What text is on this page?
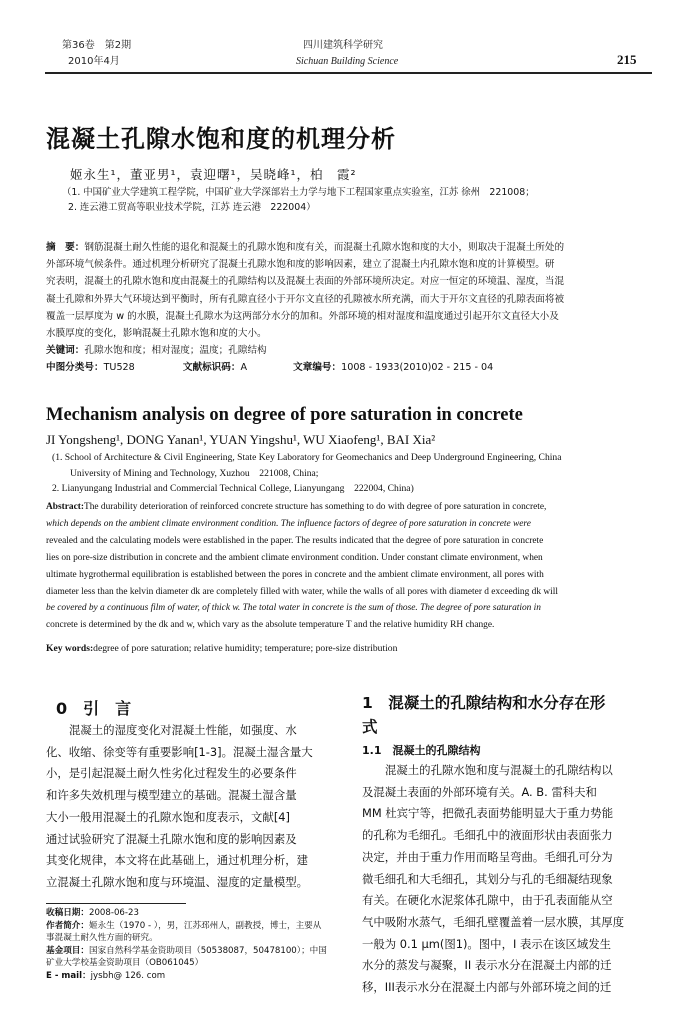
第36卷　第2期
2010年4月
四川建筑科学研究
Sichuan Building Science	215
混凝土孔隙水饱和度的机理分析
姬永生¹，董亚男¹，袁迎曙¹，吴晓峰¹，柏　霞²
（1. 中国矿业大学建筑工程学院，中国矿业大学深部岩土力学与地下工程国家重点实验室，江苏 徐州　221008；
2. 连云港工贸高等职业技术学院，江苏 连云港　222004）
摘　要：钢筋混凝土耐久性能的退化和混凝土的孔隙水饱和度有关，而混凝土孔隙水饱和度的大小，则取决于混凝土所处的
外部环境气候条件。通过机理分析研究了混凝土孔隙水饱和度的影响因素，建立了混凝土内孔隙水饱和度的计算模型。研
究表明，混凝土的孔隙水饱和度由混凝土的孔隙结构以及混凝土表面的外部环境所决定。对应一恒定的环境温、湿度，当混
凝土孔隙和外界大气环境达到平衡时，所有孔隙直径小于开尔文直径的孔隙被水所充满，而大于开尔文直径的孔隙表面将被
覆盖一层厚度为 w 的水膜，混凝土孔隙水为这两部分水分的加和。外部环境的相对湿度和温度通过引起开尔文直径大小及
水膜厚度的变化，影响混凝土孔隙水饱和度的大小。
关键词：孔隙水饱和度；相对湿度；温度；孔隙结构
中图分类号：TU528	文献标识码：A	文章编号：1008 - 1933(2010)02 - 215 - 04
Mechanism analysis on degree of pore saturation in concrete
JI Yongsheng¹, DONG Yanan¹, YUAN Yingshu¹, WU Xiaofeng¹, BAI Xia²
(1. School of Architecture & Civil Engineering, State Key Laboratory for Geomechanics and Deep Underground Engineering, China
University of Mining and Technology, Xuzhou　221008, China;
2. Lianyungang Industrial and Commercial Technical College, Lianyungang　222004, China)
Abstract:The durability deterioration of reinforced concrete structure has something to do with degree of pore saturation in concrete,
which depends on the ambient climate environment condition. The influence factors of degree of pore saturation in concrete were
revealed and the calculating models were established in the paper. The results indicated that the degree of pore saturation in concrete
lies on pore-size distribution in concrete and the ambient climate environment condition. Under constant climate environment, when
ultimate hygrothermal equilibration is established between the pores in concrete and the ambient climate environment, all pores with
diameter less than the kelvin diameter dk are completely filled with water, while the walls of all pores with diameter d exceeding dk will
be covered by a continuous film of water, of thick w. The total water in concrete is the sum of those. The degree of pore saturation in
concrete is determined by the dk and w, which vary as the absolute temperature T and the relative humidity RH change.
Key words:degree of pore saturation; relative humidity; temperature; pore-size distribution
0　引　言
混凝土的湿度变化对混凝土性能，如强度、水
化、收缩、徐变等有重要影响[1-3]。混凝土湿含量大
小，是引起混凝土耐久性劣化过程发生的必要条件
和许多失效机理与模型建立的基础。混凝土湿含量
大小一般用混凝土的孔隙水饱和度表示，文献[4]
通过试验研究了混凝土孔隙水饱和度的影响因素及
其变化规律，本文将在此基础上，通过机理分析，建
立混凝土孔隙水饱和度与环境温、湿度的定量模型。
收稿日期：2008-06-23
作者简介：姬永生（1970 - ），男，江苏邳州人，副教授，博士，主要从
事混凝土耐久性方面的研究。
基金项目：国家自然科学基金资助项目（50538087，50478100）；中国
矿业大学校基金资助项目（OB061045）
E - mail：jysbh@ 126. com
1　混凝土的孔隙结构和水分存在形
式
1.1　混凝土的孔隙结构
混凝土的孔隙水饱和度与混凝土的孔隙结构以
及混凝土表面的外部环境有关。A. B. 雷科夫和
MM 杜宾宁等，把微孔表面势能明显大于重力势能
的孔称为毛细孔。毛细孔中的液面形状由表面张力
决定，并由于重力作用而略呈弯曲。毛细孔可分为
微毛细孔和大毛细孔，其划分与孔的毛细凝结现象
有关。在硬化水泥浆体孔隙中，由于孔表面能从空
气中吸附水蒸气，毛细孔壁覆盖着一层水膜，其厚度
一般为 0.1 μm(图1)。图中，I 表示在该区域发生
水分的蒸发与凝聚，II 表示水分在混凝土内部的迁
移，III表示水分在混凝土内部与外部环境之间的迁
